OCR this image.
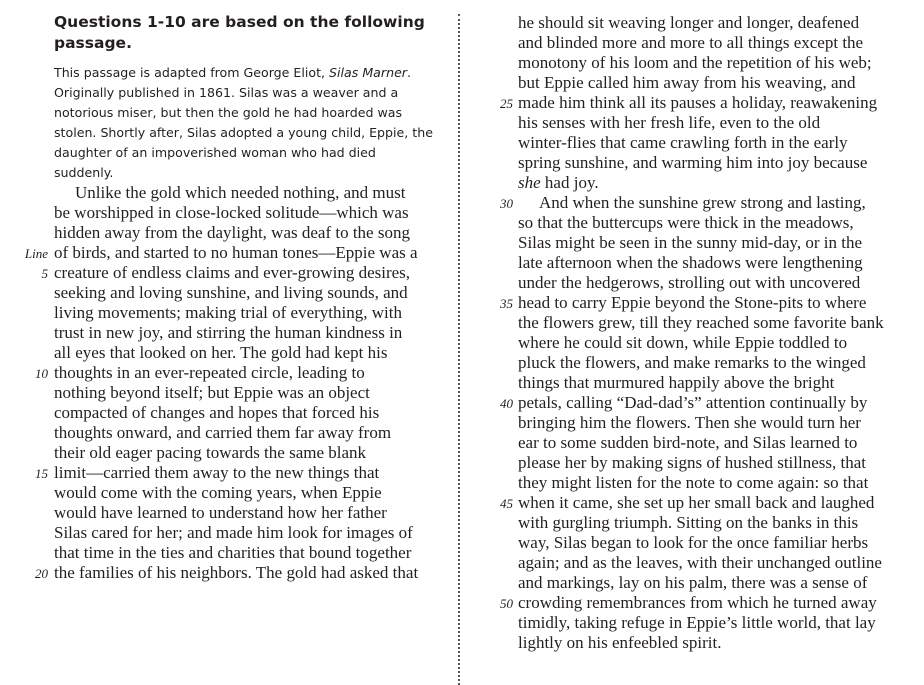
Questions 1-10 are based on the following passage.

This passage is adapted from George Eliot, Silas Marner. Originally published in 1861. Silas was a weaver and a notorious miser, but then the gold he had hoarded was stolen. Shortly after, Silas adopted a young child, Eppie, the daughter of an impoverished woman who had died suddenly.

Unlike the gold which needed nothing, and must
be worshipped in close-locked solitude—which was
hidden away from the daylight, was deaf to the song
Line of birds, and started to no human tones—Eppie was a
5 creature of endless claims and ever-growing desires,
seeking and loving sunshine, and living sounds, and
living movements; making trial of everything, with
trust in new joy, and stirring the human kindness in
all eyes that looked on her. The gold had kept his
10 thoughts in an ever-repeated circle, leading to
nothing beyond itself; but Eppie was an object
compacted of changes and hopes that forced his
thoughts onward, and carried them far away from
their old eager pacing towards the same blank
15 limit—carried them away to the new things that
would come with the coming years, when Eppie
would have learned to understand how her father
Silas cared for her; and made him look for images of
that time in the ties and charities that bound together
20 the families of his neighbors. The gold had asked that
he should sit weaving longer and longer, deafened
and blinded more and more to all things except the
monotony of his loom and the repetition of his web;
but Eppie called him away from his weaving, and
25 made him think all its pauses a holiday, reawakening
his senses with her fresh life, even to the old
winter-flies that came crawling forth in the early
spring sunshine, and warming him into joy because
she had joy.
30	And when the sunshine grew strong and lasting,
so that the buttercups were thick in the meadows,
Silas might be seen in the sunny mid-day, or in the
late afternoon when the shadows were lengthening
under the hedgerows, strolling out with uncovered
35 head to carry Eppie beyond the Stone-pits to where
the flowers grew, till they reached some favorite bank
where he could sit down, while Eppie toddled to
pluck the flowers, and make remarks to the winged
things that murmured happily above the bright
40 petals, calling “Dad-dad’s” attention continually by
bringing him the flowers. Then she would turn her
ear to some sudden bird-note, and Silas learned to
please her by making signs of hushed stillness, that
they might listen for the note to come again: so that
45 when it came, she set up her small back and laughed
with gurgling triumph. Sitting on the banks in this
way, Silas began to look for the once familiar herbs
again; and as the leaves, with their unchanged outline
and markings, lay on his palm, there was a sense of
50 crowding remembrances from which he turned away
timidly, taking refuge in Eppie’s little world, that lay
lightly on his enfeebled spirit.
